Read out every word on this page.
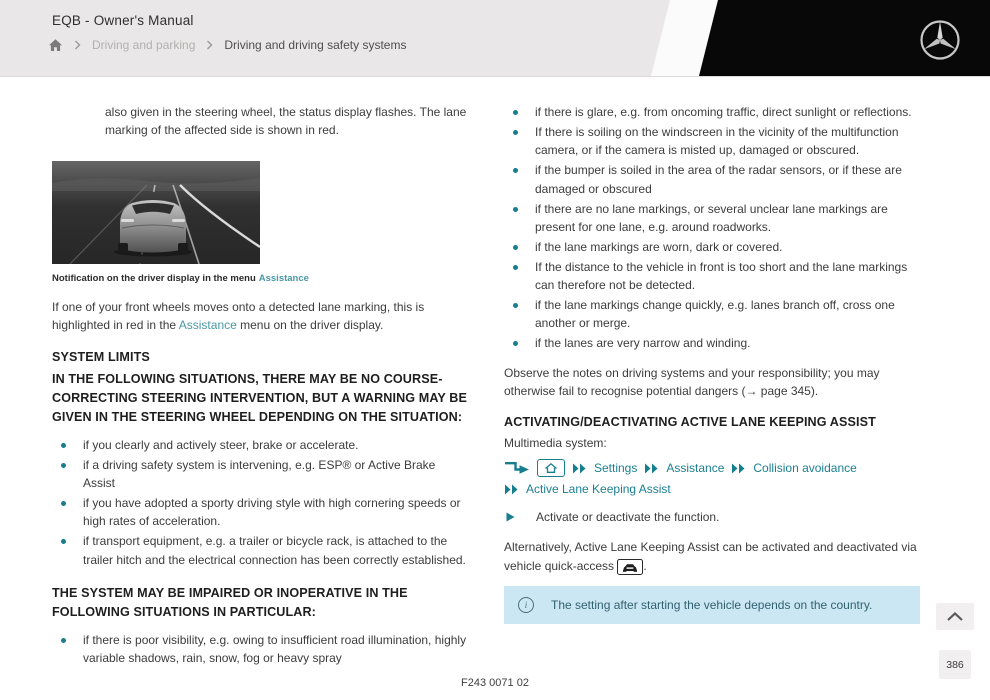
EQB - Owner's Manual
Driving and parking Driving and driving safety systems

also given in the steering wheel, the status display flashes. The lane marking of the affected side is shown in red.

Notification on the driver display in the menu Assistance

If one of your front wheels moves onto a detected lane marking, this is highlighted in red in the Assistance menu on the driver display.

SYSTEM LIMITS
IN THE FOLLOWING SITUATIONS, THERE MAY BE NO COURSE-CORRECTING STEERING INTERVENTION, BUT A WARNING MAY BE GIVEN IN THE STEERING WHEEL DEPENDING ON THE SITUATION:
if you clearly and actively steer, brake or accelerate.
if a driving safety system is intervening, e.g. ESP® or Active Brake Assist
if you have adopted a sporty driving style with high cornering speeds or high rates of acceleration.
if transport equipment, e.g. a trailer or bicycle rack, is attached to the trailer hitch and the electrical connection has been correctly established.
THE SYSTEM MAY BE IMPAIRED OR INOPERATIVE IN THE FOLLOWING SITUATIONS IN PARTICULAR:
if there is poor visibility, e.g. owing to insufficient road illumination, highly variable shadows, rain, snow, fog or heavy spray
if there is glare, e.g. from oncoming traffic, direct sunlight or reflections.
If there is soiling on the windscreen in the vicinity of the multifunction camera, or if the camera is misted up, damaged or obscured.
if the bumper is soiled in the area of the radar sensors, or if these are damaged or obscured
if there are no lane markings, or several unclear lane markings are present for one lane, e.g. around roadworks.
if the lane markings are worn, dark or covered.
If the distance to the vehicle in front is too short and the lane markings can therefore not be detected.
if the lane markings change quickly, e.g. lanes branch off, cross one another or merge.
if the lanes are very narrow and winding.

Observe the notes on driving systems and your responsibility; you may otherwise fail to recognise potential dangers (→ page 345).

ACTIVATING/DEACTIVATING ACTIVE LANE KEEPING ASSIST

Multimedia system:

Settings Assistance Collision avoidance
Active Lane Keeping Assist
Activate or deactivate the function.

Alternatively, Active Lane Keeping Assist can be activated and deactivated via vehicle quick-access
.

i	The setting after starting the vehicle depends on the country.
386
F243 0071 02
